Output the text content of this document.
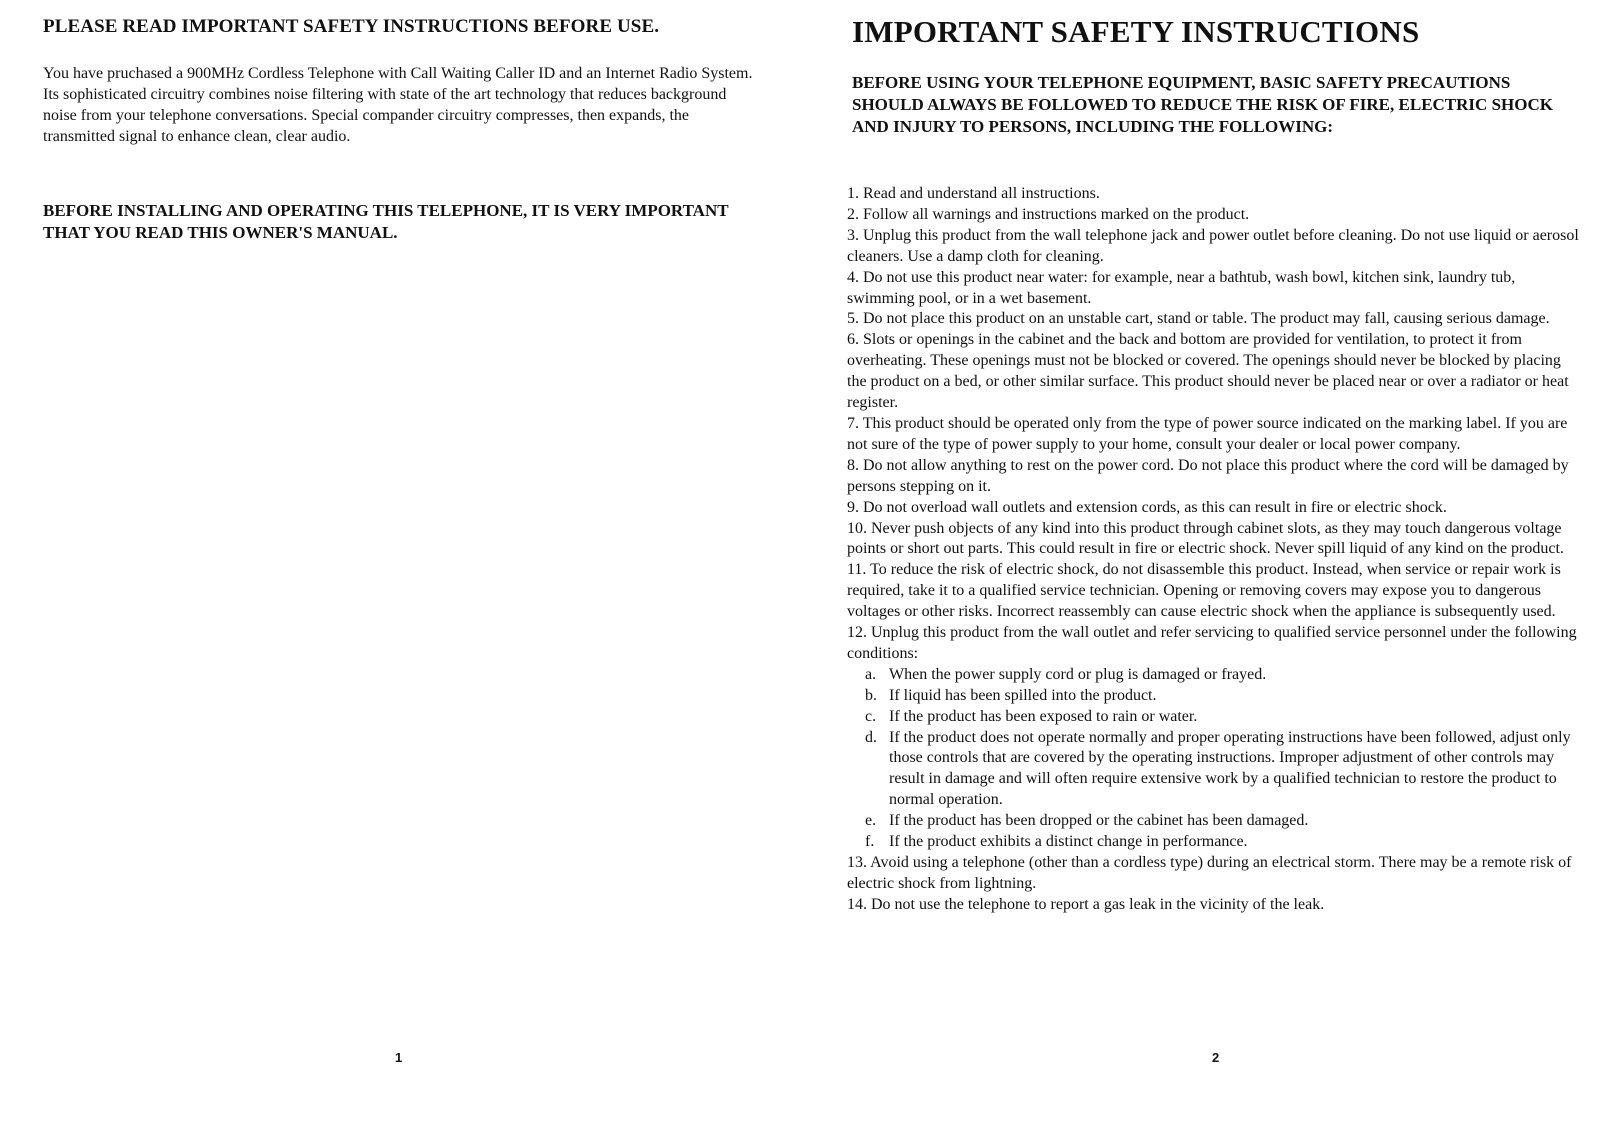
PLEASE READ IMPORTANT SAFETY INSTRUCTIONS BEFORE USE.
You have pruchased a 900MHz Cordless Telephone with Call Waiting Caller ID and an Internet Radio System. Its sophisticated circuitry combines noise filtering with state of the art technology that reduces background noise from your telephone conversations. Special compander circuitry compresses, then expands, the transmitted signal to enhance clean, clear audio.
BEFORE INSTALLING AND OPERATING THIS TELEPHONE, IT IS VERY IMPORTANT THAT YOU READ THIS OWNER'S MANUAL.
1
IMPORTANT SAFETY INSTRUCTIONS
BEFORE USING YOUR TELEPHONE EQUIPMENT, BASIC SAFETY PRECAUTIONS SHOULD ALWAYS BE FOLLOWED TO REDUCE THE RISK OF FIRE, ELECTRIC SHOCK AND INJURY TO PERSONS, INCLUDING THE FOLLOWING:

1. Read and understand all instructions.

2. Follow all warnings and instructions marked on the product.

3. Unplug this product from the wall telephone jack and power outlet before cleaning. Do not use liquid or aerosol cleaners. Use a damp cloth for cleaning.

4. Do not use this product near water: for example, near a bathtub, wash bowl, kitchen sink, laundry tub, swimming pool, or in a wet basement.

5. Do not place this product on an unstable cart, stand or table. The product may fall, causing serious damage.

6. Slots or openings in the cabinet and the back and bottom are provided for ventilation, to protect it from overheating. These openings must not be blocked or covered. The openings should never be blocked by placing the product on a bed, or other similar surface. This product should never be placed near or over a radiator or heat register.

7. This product should be operated only from the type of power source indicated on the marking label. If you are not sure of the type of power supply to your home, consult your dealer or local power company.

8. Do not allow anything to rest on the power cord. Do not place this product where the cord will be damaged by persons stepping on it.

9. Do not overload wall outlets and extension cords, as this can result in fire or electric shock.

10. Never push objects of any kind into this product through cabinet slots, as they may touch dangerous voltage points or short out parts. This could result in fire or electric shock. Never spill liquid of any kind on the product.

11. To reduce the risk of electric shock, do not disassemble this product. Instead, when service or repair work is required, take it to a qualified service technician. Opening or removing covers may expose you to dangerous voltages or other risks. Incorrect reassembly can cause electric shock when the appliance is subsequently used.

12. Unplug this product from the wall outlet and refer servicing to qualified service personnel under the following conditions:

a. When the power supply cord or plug is damaged or frayed.
b. If liquid has been spilled into the product.
c. If the product has been exposed to rain or water.
d. If the product does not operate normally and proper operating instructions have been followed, adjust only those controls that are covered by the operating instructions. Improper adjustment of other controls may result in damage and will often require extensive work by a qualified technician to restore the product to normal operation.
e. If the product has been dropped or the cabinet has been damaged.
f. If the product exhibits a distinct change in performance.

13. Avoid using a telephone (other than a cordless type) during an electrical storm. There may be a remote risk of electric shock from lightning.

14. Do not use the telephone to report a gas leak in the vicinity of the leak.

2
